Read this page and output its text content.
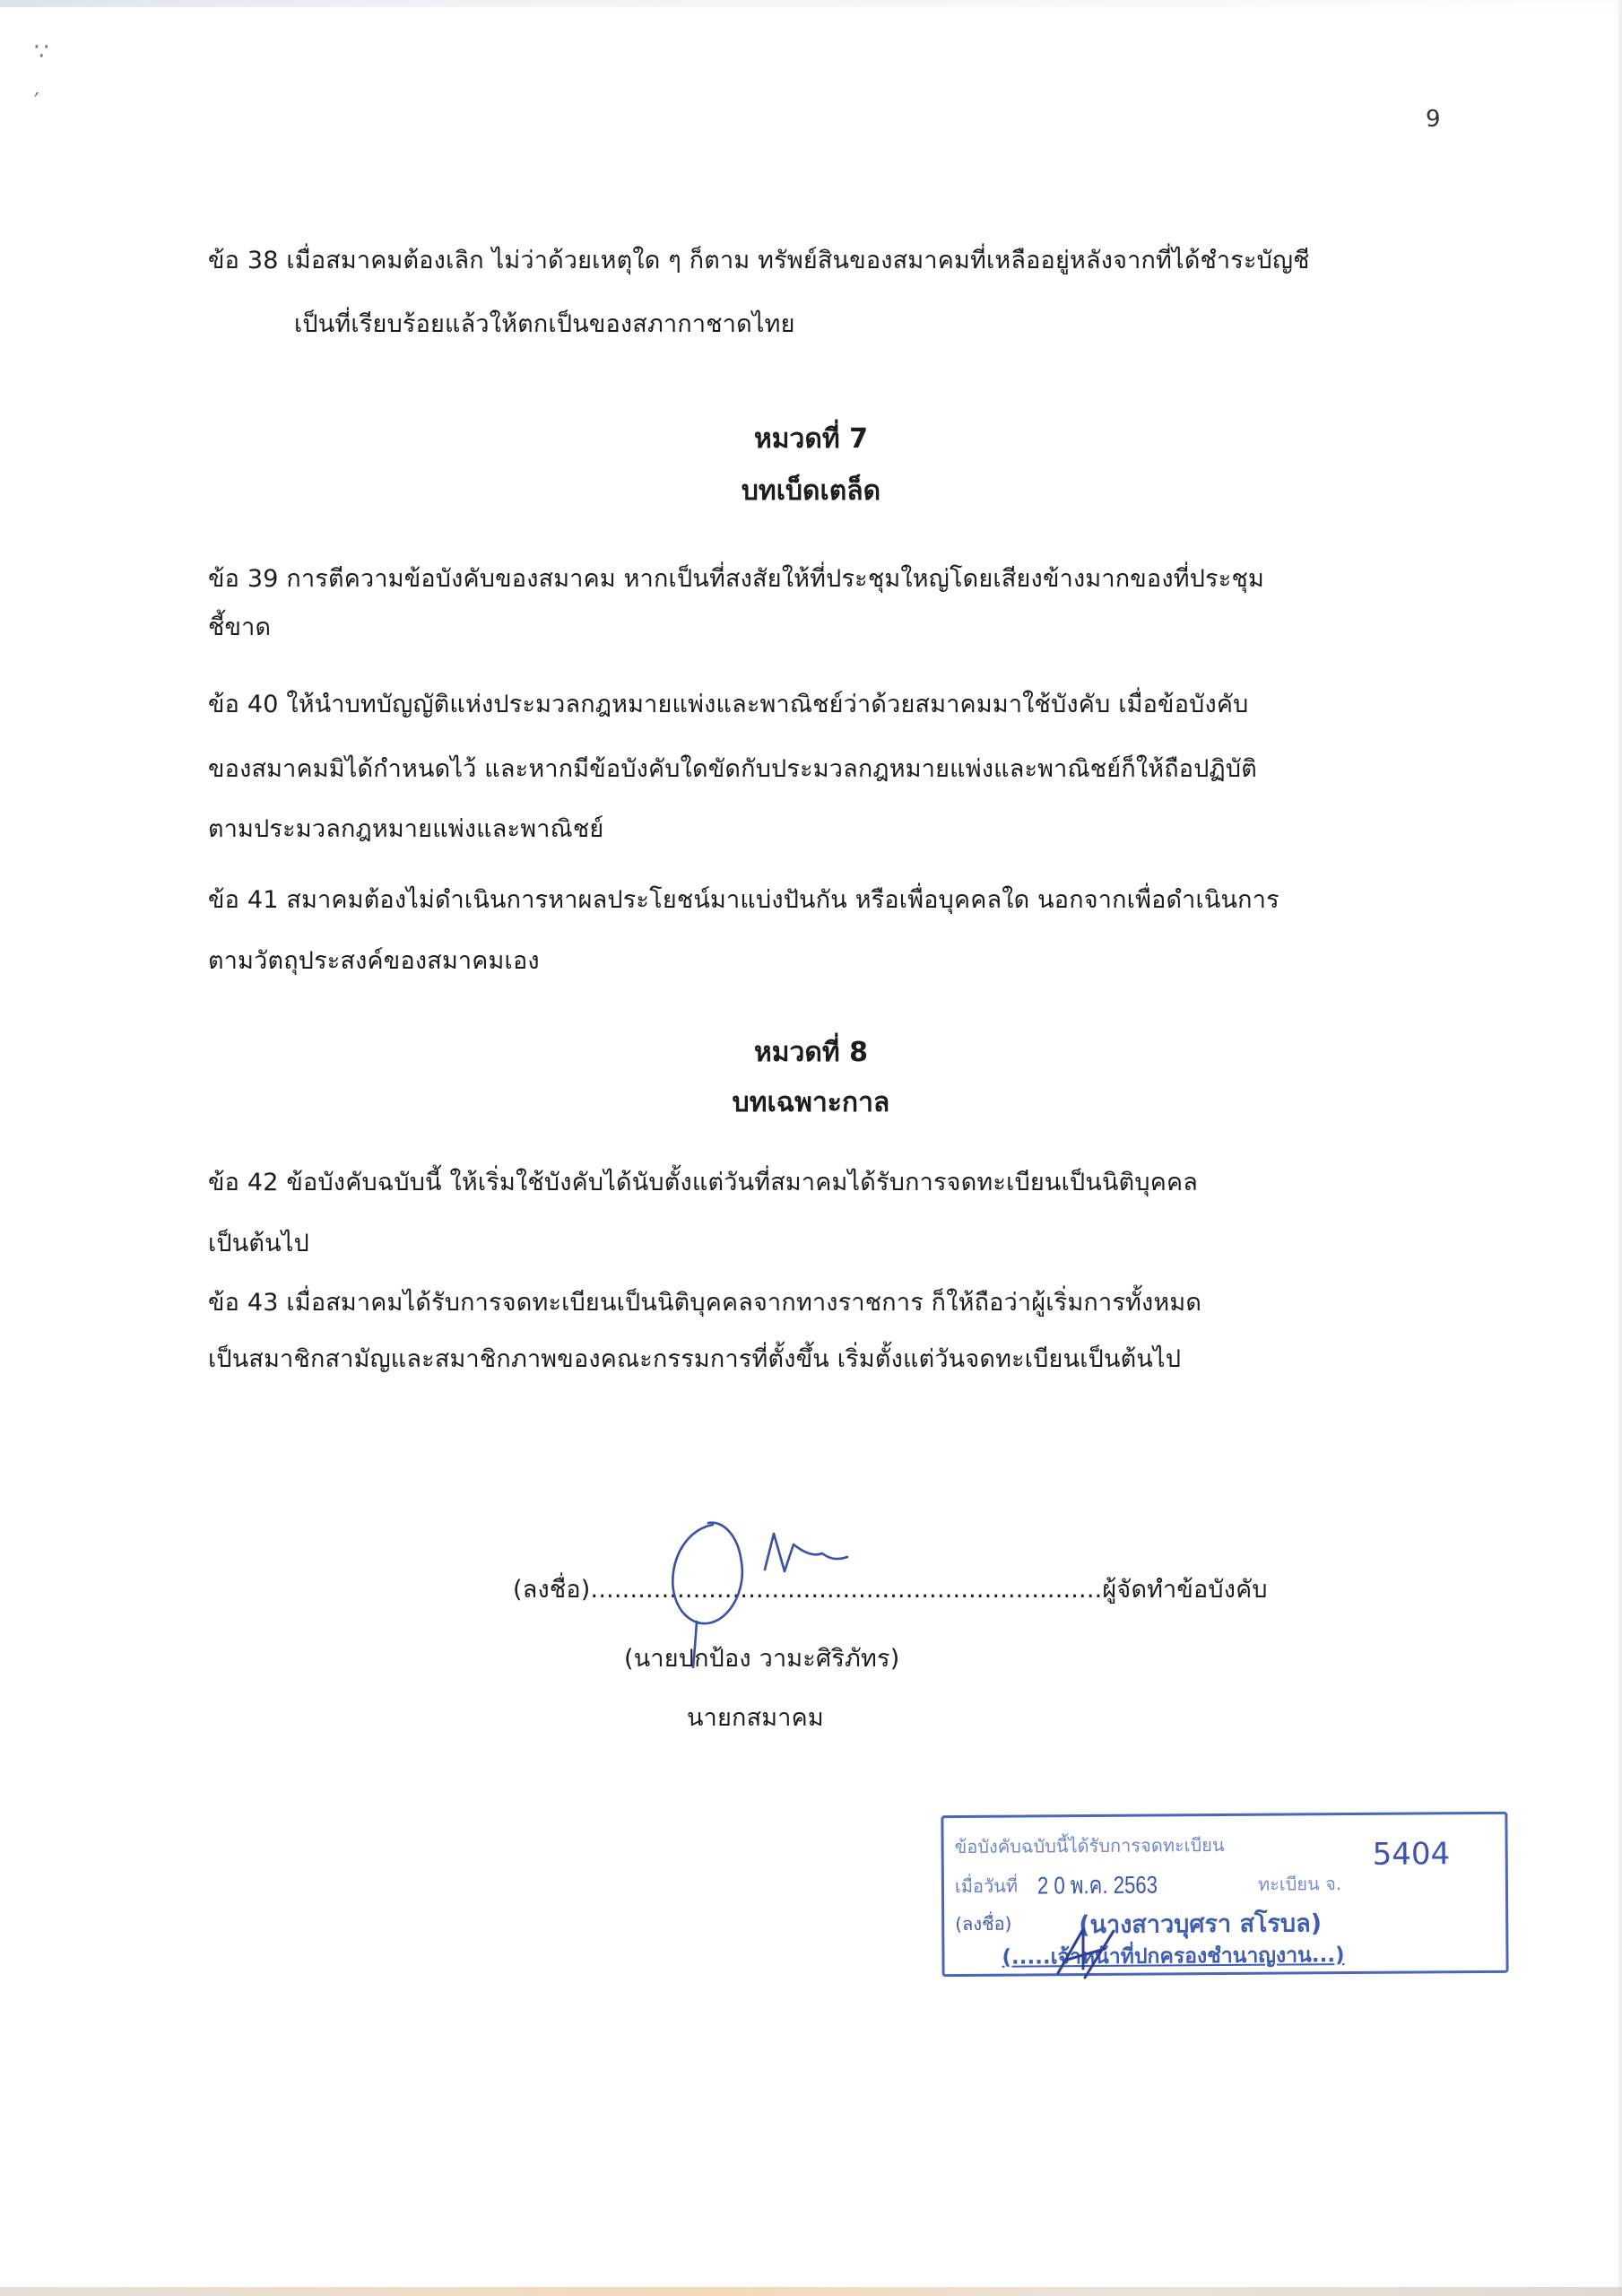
∵
′
9
ข้อ 38 เมื่อสมาคมต้องเลิก ไม่ว่าด้วยเหตุใด ๆ ก็ตาม ทรัพย์สินของสมาคมที่เหลืออยู่หลังจากที่ได้ชำระบัญชี
เป็นที่เรียบร้อยแล้วให้ตกเป็นของสภากาชาดไทย
หมวดที่ 7
บทเบ็ดเตล็ด
ข้อ 39 การตีความข้อบังคับของสมาคม หากเป็นที่สงสัยให้ที่ประชุมใหญ่โดยเสียงข้างมากของที่ประชุม
ชี้ขาด
ข้อ 40 ให้นำบทบัญญัติแห่งประมวลกฎหมายแพ่งและพาณิชย์ว่าด้วยสมาคมมาใช้บังคับ เมื่อข้อบังคับ
ของสมาคมมิได้กำหนดไว้ และหากมีข้อบังคับใดขัดกับประมวลกฎหมายแพ่งและพาณิชย์ก็ให้ถือปฏิบัติ
ตามประมวลกฎหมายแพ่งและพาณิชย์
ข้อ 41 สมาคมต้องไม่ดำเนินการหาผลประโยชน์มาแบ่งปันกัน หรือเพื่อบุคคลใด นอกจากเพื่อดำเนินการ
ตามวัตถุประสงค์ของสมาคมเอง
หมวดที่ 8
บทเฉพาะกาล
ข้อ 42 ข้อบังคับฉบับนี้ ให้เริ่มใช้บังคับได้นับตั้งแต่วันที่สมาคมได้รับการจดทะเบียนเป็นนิติบุคคล
เป็นต้นไป
ข้อ 43 เมื่อสมาคมได้รับการจดทะเบียนเป็นนิติบุคคลจากทางราชการ ก็ให้ถือว่าผู้เริ่มการทั้งหมด
เป็นสมาชิกสามัญและสมาชิกภาพของคณะกรรมการที่ตั้งขึ้น เริ่มตั้งแต่วันจดทะเบียนเป็นต้นไป
(ลงชื่อ).................................................................ผู้จัดทำข้อบังคับ
(นายปกป้อง วามะศิริภัทร)
นายกสมาคม
ข้อบังคับฉบับนี้ได้รับการจดทะเบียน
เมื่อวันที่ 2 0 พ.ค. 2563	ทะเบียน จ.
5404
(ลงชื่อ)	(นางสาวบุศรา สโรบล)
(.....เจ้าหน้าที่ปกครองชำนาญงาน...)
